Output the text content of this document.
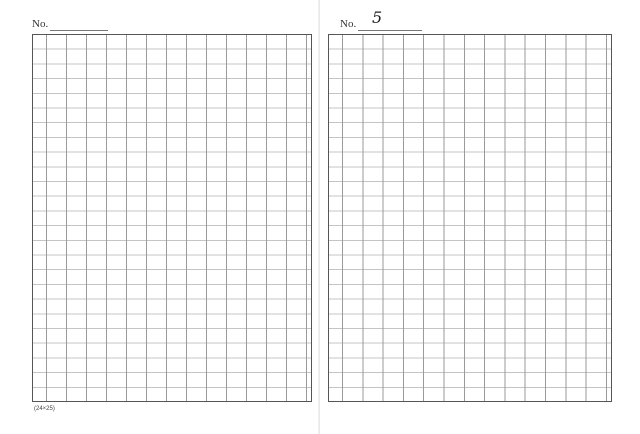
No.
(24×25)
No. 5
